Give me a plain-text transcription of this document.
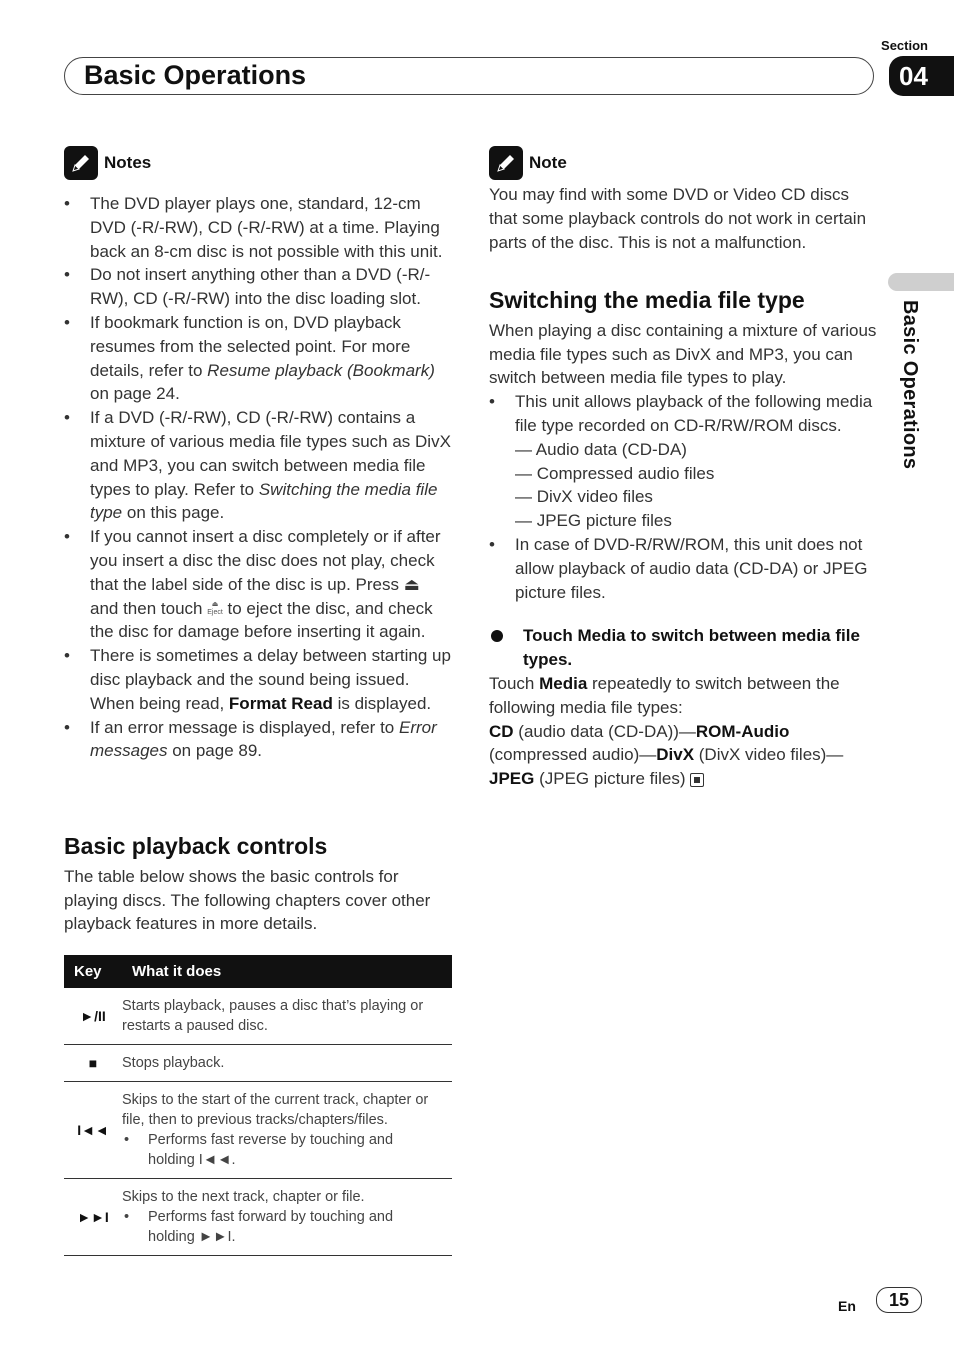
Section
Basic Operations	04
Basic Operations
Notes
• The DVD player plays one, standard, 12-cm DVD (-R/-RW), CD (-R/-RW) at a time. Playing back an 8-cm disc is not possible with this unit.
• Do not insert anything other than a DVD (-R/-RW), CD (-R/-RW) into the disc loading slot.
• If bookmark function is on, DVD playback resumes from the selected point. For more details, refer to Resume playback (Bookmark) on page 24.
• If a DVD (-R/-RW), CD (-R/-RW) contains a mixture of various media file types such as DivX and MP3, you can switch between media file types to play. Refer to Switching the media file type on this page.
• If you cannot insert a disc completely or if after you insert a disc the disc does not play, check that the label side of the disc is up. Press ⏏ and then touch ⏏
Eject to eject the disc, and check the disc for damage before inserting it again.
• There is sometimes a delay between starting up disc playback and the sound being issued. When being read, Format Read is displayed.
• If an error message is displayed, refer to Error messages on page 89.
Basic playback controls
The table below shows the basic controls for playing discs. The following chapters cover other playback features in more details.
Key	What it does
►/II	Starts playback, pauses a disc that’s playing or restarts a paused disc.
■	Stops playback.
I◄◄	Skips to the start of the current track, chapter or file, then to previous tracks/chapters/files.
• Performs fast reverse by touching and holding I◄◄.

►►I	Skips to the next track, chapter or file.
• Performs fast forward by touching and holding ►►I.
Note
You may find with some DVD or Video CD discs that some playback controls do not work in certain parts of the disc. This is not a malfunction.
Switching the media file type
When playing a disc containing a mixture of various media file types such as DivX and MP3, you can switch between media file types to play.
• This unit allows playback of the following media file type recorded on CD-R/RW/ROM discs.
— Audio data (CD-DA)
— Compressed audio files
— DivX video files
— JPEG picture files
• In case of DVD-R/RW/ROM, this unit does not allow playback of audio data (CD-DA) or JPEG picture files.
Touch Media to switch between media file types.
Touch Media repeatedly to switch between the following media file types:
CD (audio data (CD-DA))—ROM-Audio (compressed audio)—DivX (DivX video files)—JPEG (JPEG picture files)
En	15
